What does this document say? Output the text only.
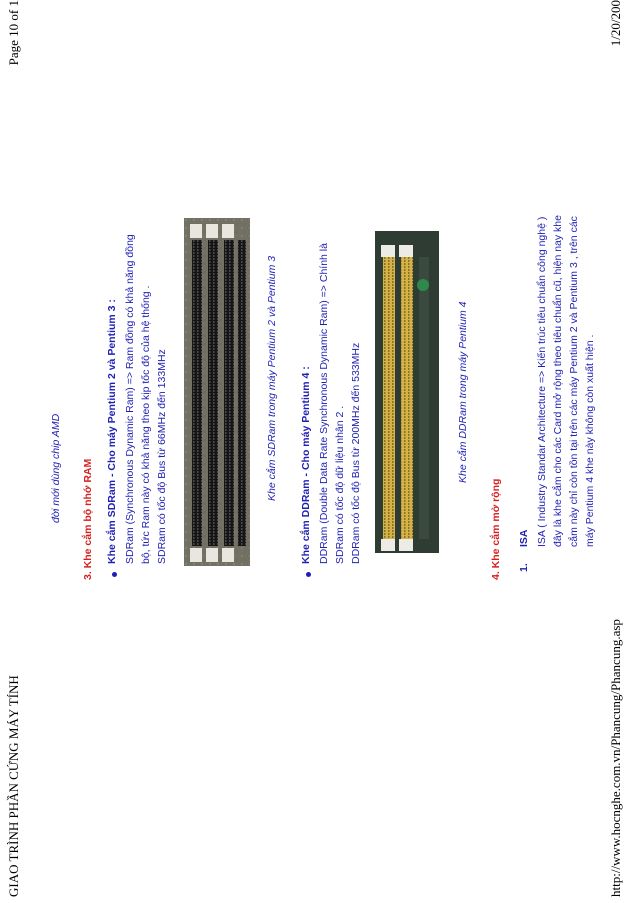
GIAO TRÌNH PHẦN CỨNG MÁY TÍNH
Page 10 of 1
đời mới dùng chip AMD 3. Khe cắm bộ nhớ RAM Khe cắm SDRam - Cho máy Pentium 2 và Pentium 3 : SDRam (Synchronous Dynamic Ram) => Ram đồng có khả năng đồng bộ, tức Ram này có khả năng theo kịp tốc độ của hệ thống . SDRam có tốc độ Bus từ 66MHz đến 133MHz	Khe cắm SDRam trong máy Pentium 2 và Pentium 3 Khe cắm DDRam - Cho máy Pentium 4 : DDRam (Double Data Rate Synchronous Dynamic Ram) => Chính là SDRam có tốc độ dữ liệu nhân 2 . DDRam có tốc độ Bus từ 200MHz đến 533MHz	Khe cắm DDRam trong máy Pentium 4
4. Khe cắm mở rộng 1.
ISA ISA ( Industry Standar Architecture => Kiến trúc tiêu chuẩn công nghệ ) đây là khe cắm cho các Card mở rộng theo tiêu chuẩn cũ, hiện nay khe cắm này chỉ còn tồn tại trên các máy Pentium 2 và Pentium 3 , trên các máy Pentium 4 khe này không còn xuất hiện .
http://www.hocnghe.com.vn/Phancung/Phancung.asp
1/20/200
